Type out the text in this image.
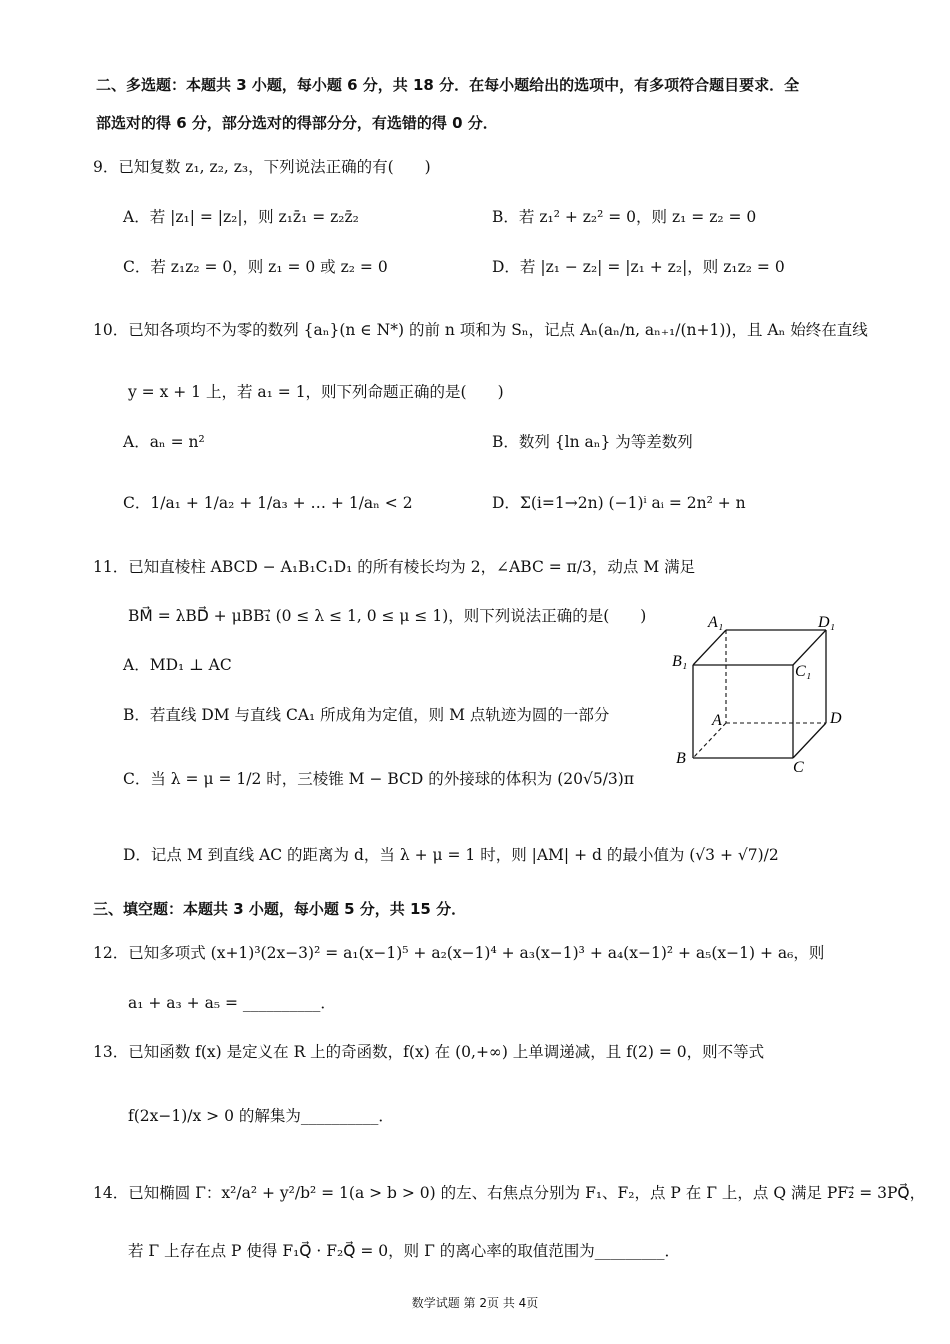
二、多选题：本题共 3 小题，每小题 6 分，共 18 分．在每小题给出的选项中，有多项符合题目要求．全
部选对的得 6 分，部分选对的得部分分，有选错的得 0 分．
9．已知复数 z₁, z₂, z₃，下列说法正确的有(　　)
A．若 |z₁| = |z₂|，则 z₁z̄₁ = z₂z̄₂	B．若 z₁² + z₂² = 0，则 z₁ = z₂ = 0
C．若 z₁z₂ = 0，则 z₁ = 0 或 z₂ = 0	D．若 |z₁ − z₂| = |z₁ + z₂|，则 z₁z₂ = 0
10．已知各项均不为零的数列 {aₙ}(n ∈ N*) 的前 n 项和为 Sₙ，记点 Aₙ(aₙ/n, aₙ₊₁/(n+1))，且 Aₙ 始终在直线
y = x + 1 上，若 a₁ = 1，则下列命题正确的是(　　)
A．aₙ = n²	B．数列 {ln aₙ} 为等差数列
C．1/a₁ + 1/a₂ + 1/a₃ + … + 1/aₙ < 2	D．Σ(i=1→2n) (−1)ⁱ aᵢ = 2n² + n
11．已知直棱柱 ABCD − A₁B₁C₁D₁ 的所有棱长均为 2，∠ABC = π/3，动点 M 满足
BM⃗ = λBD⃗ + μBB₁⃗ (0 ≤ λ ≤ 1, 0 ≤ μ ≤ 1)，则下列说法正确的是(　　)
A．MD₁ ⊥ AC
B．若直线 DM 与直线 CA₁ 所成角为定值，则 M 点轨迹为圆的一部分
C．当 λ = μ = 1/2 时，三棱锥 M − BCD 的外接球的体积为 (20√5/3)π
D．记点 M 到直线 AC 的距离为 d，当 λ + μ = 1 时，则 |AM| + d 的最小值为 (√3 + √7)/2
A₁	D₁
B₁
C₁
A	D
B
C
三、填空题：本题共 3 小题，每小题 5 分，共 15 分．
12．已知多项式 (x+1)³(2x−3)² = a₁(x−1)⁵ + a₂(x−1)⁴ + a₃(x−1)³ + a₄(x−1)² + a₅(x−1) + a₆，则
a₁ + a₃ + a₅ = __________．
13．已知函数 f(x) 是定义在 R 上的奇函数，f(x) 在 (0,+∞) 上单调递减，且 f(2) = 0，则不等式
f(2x−1)/x > 0 的解集为__________．
14．已知椭圆 Γ：x²/a² + y²/b² = 1(a > b > 0) 的左、右焦点分别为 F₁、F₂，点 P 在 Γ 上，点 Q 满足 PF₂⃗ = 3PQ⃗，
若 Γ 上存在点 P 使得 F₁Q⃗ · F₂Q⃗ = 0，则 Γ 的离心率的取值范围为_________．
数学试题 第 2页 共 4页
